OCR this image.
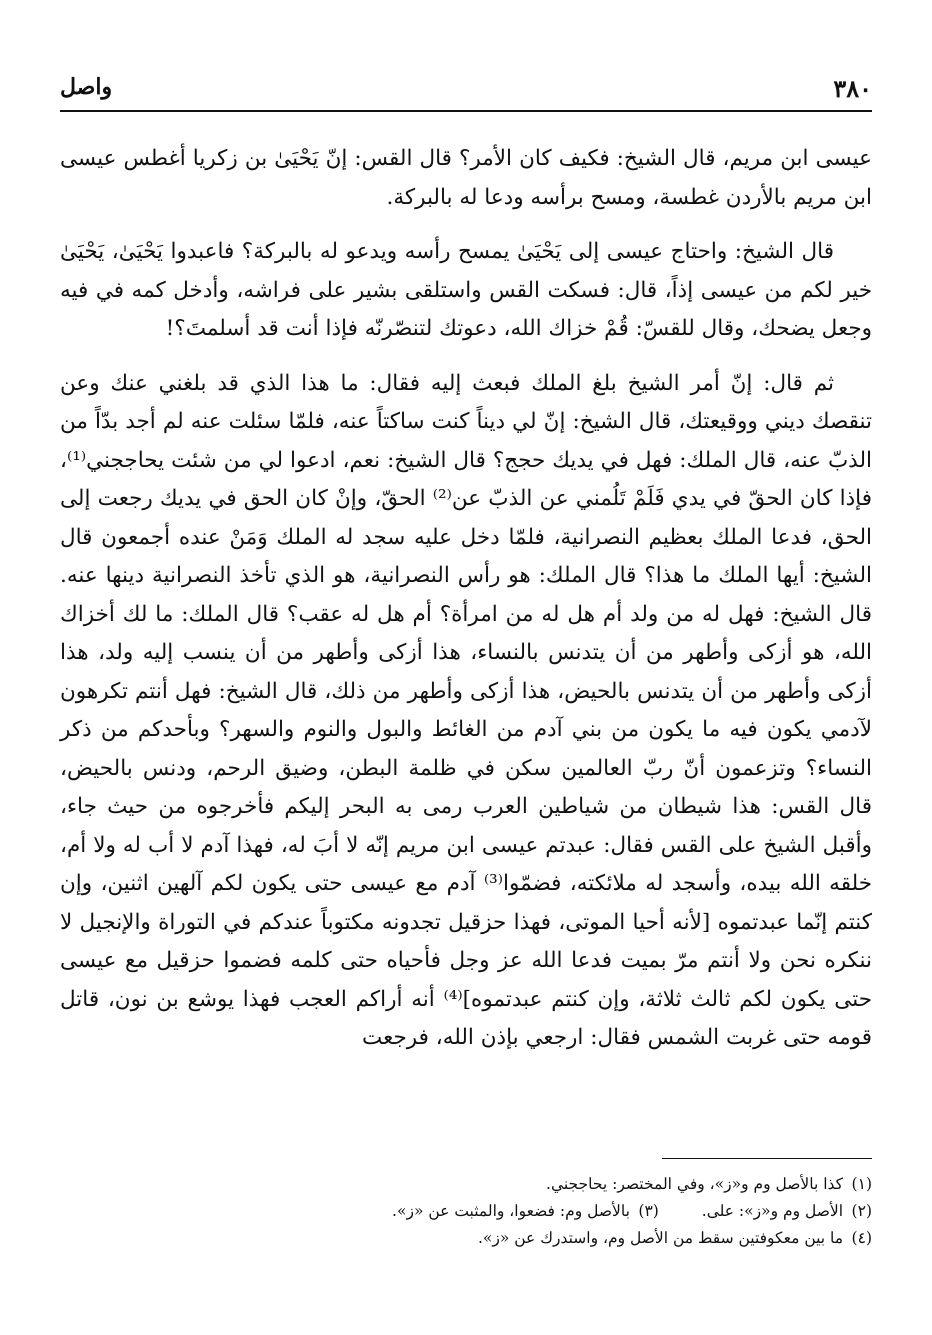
٣٨٠
واصل

عيسى ابن مريم، قال الشيخ: فكيف كان الأمر؟ قال القس: إنّ يَحْيَىٰ بن زكريا أغطس عيسى ابن مريم بالأردن غطسة، ومسح برأسه ودعا له بالبركة.

قال الشيخ: واحتاج عيسى إلى يَحْيَىٰ يمسح رأسه ويدعو له بالبركة؟ فاعبدوا يَحْيَىٰ، يَحْيَىٰ خير لكم من عيسى إذاً، قال: فسكت القس واستلقى بشير على فراشه، وأدخل كمه في فيه وجعل يضحك، وقال للقسّ: قُمْ خزاك الله، دعوتك لتنصّرنّه فإذا أنت قد أسلمتَ؟!

ثم قال: إنّ أمر الشيخ بلغ الملك فبعث إليه فقال: ما هذا الذي قد بلغني عنك وعن تنقصك ديني ووقيعتك، قال الشيخ: إنّ لي ديناً كنت ساكتاً عنه، فلمّا سئلت عنه لم أجد بدّاً من الذبّ عنه، قال الملك: فهل في يديك حجج؟ قال الشيخ: نعم، ادعوا لي من شئت يحاججني⁽¹⁾، فإذا كان الحقّ في يدي فَلَمْ تَلُمني عن الذبّ عن⁽²⁾ الحقّ، وإنْ كان الحق في يديك رجعت إلى الحق، فدعا الملك بعظيم النصرانية، فلمّا دخل عليه سجد له الملك وَمَنْ عنده أجمعون قال الشيخ: أيها الملك ما هذا؟ قال الملك: هو رأس النصرانية، هو الذي تأخذ النصرانية دينها عنه. قال الشيخ: فهل له من ولد أم هل له من امرأة؟ أم هل له عقب؟ قال الملك: ما لك أخزاك الله، هو أزكى وأطهر من أن يتدنس بالنساء، هذا أزكى وأطهر من أن ينسب إليه ولد، هذا أزكى وأطهر من أن يتدنس بالحيض، هذا أزكى وأطهر من ذلك، قال الشيخ: فهل أنتم تكرهون لآدمي يكون فيه ما يكون من بني آدم من الغائط والبول والنوم والسهر؟ وبأحدكم من ذكر النساء؟ وتزعمون أنّ ربّ العالمين سكن في ظلمة البطن، وضيق الرحم، ودنس بالحيض، قال القس: هذا شيطان من شياطين العرب رمى به البحر إليكم فأخرجوه من حيث جاء، وأقبل الشيخ على القس فقال: عبدتم عيسى ابن مريم إنّه لا أبَ له، فهذا آدم لا أب له ولا أم، خلقه الله بيده، وأسجد له ملائكته، فضمّوا⁽³⁾ آدم مع عيسى حتى يكون لكم آلهين اثنين، وإن كنتم إنّما عبدتموه [لأنه أحيا الموتى، فهذا حزقيل تجدونه مكتوباً عندكم في التوراة والإنجيل لا ننكره نحن ولا أنتم مرّ بميت فدعا الله عز وجل فأحياه حتى كلمه فضموا حزقيل مع عيسى حتى يكون لكم ثالث ثلاثة، وإن كنتم عبدتموه]⁽⁴⁾ أنه أراكم العجب فهذا يوشع بن نون، قاتل قومه حتى غربت الشمس فقال: ارجعي بإذن الله، فرجعت

(١) كذا بالأصل وم و«ز»، وفي المختصر: يحاججني.

(٢) الأصل وم و«ز»: على. (٣) بالأصل وم: فضعوا، والمثبت عن «ز».

(٤) ما بين معكوفتين سقط من الأصل وم، واستدرك عن «ز».
